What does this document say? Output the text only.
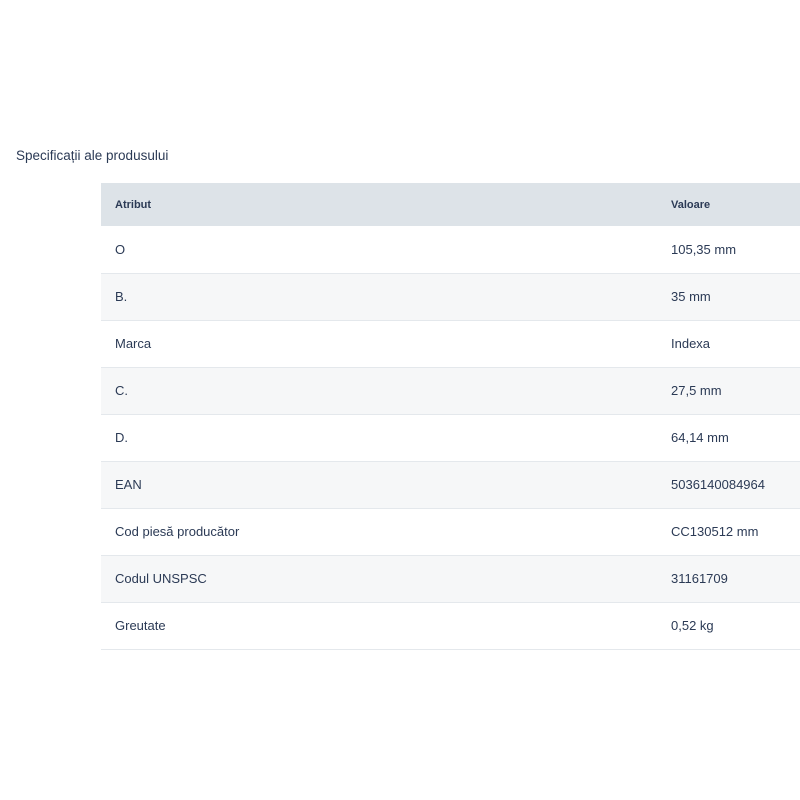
Specificații ale produsului
Atribut	Valoare
O	105,35 mm
B.	35 mm
Marca	Indexa
C.	27,5 mm
D.	64,14 mm
EAN	5036140084964
Cod piesă producător	CC130512 mm
Codul UNSPSC	31161709
Greutate	0,52 kg
